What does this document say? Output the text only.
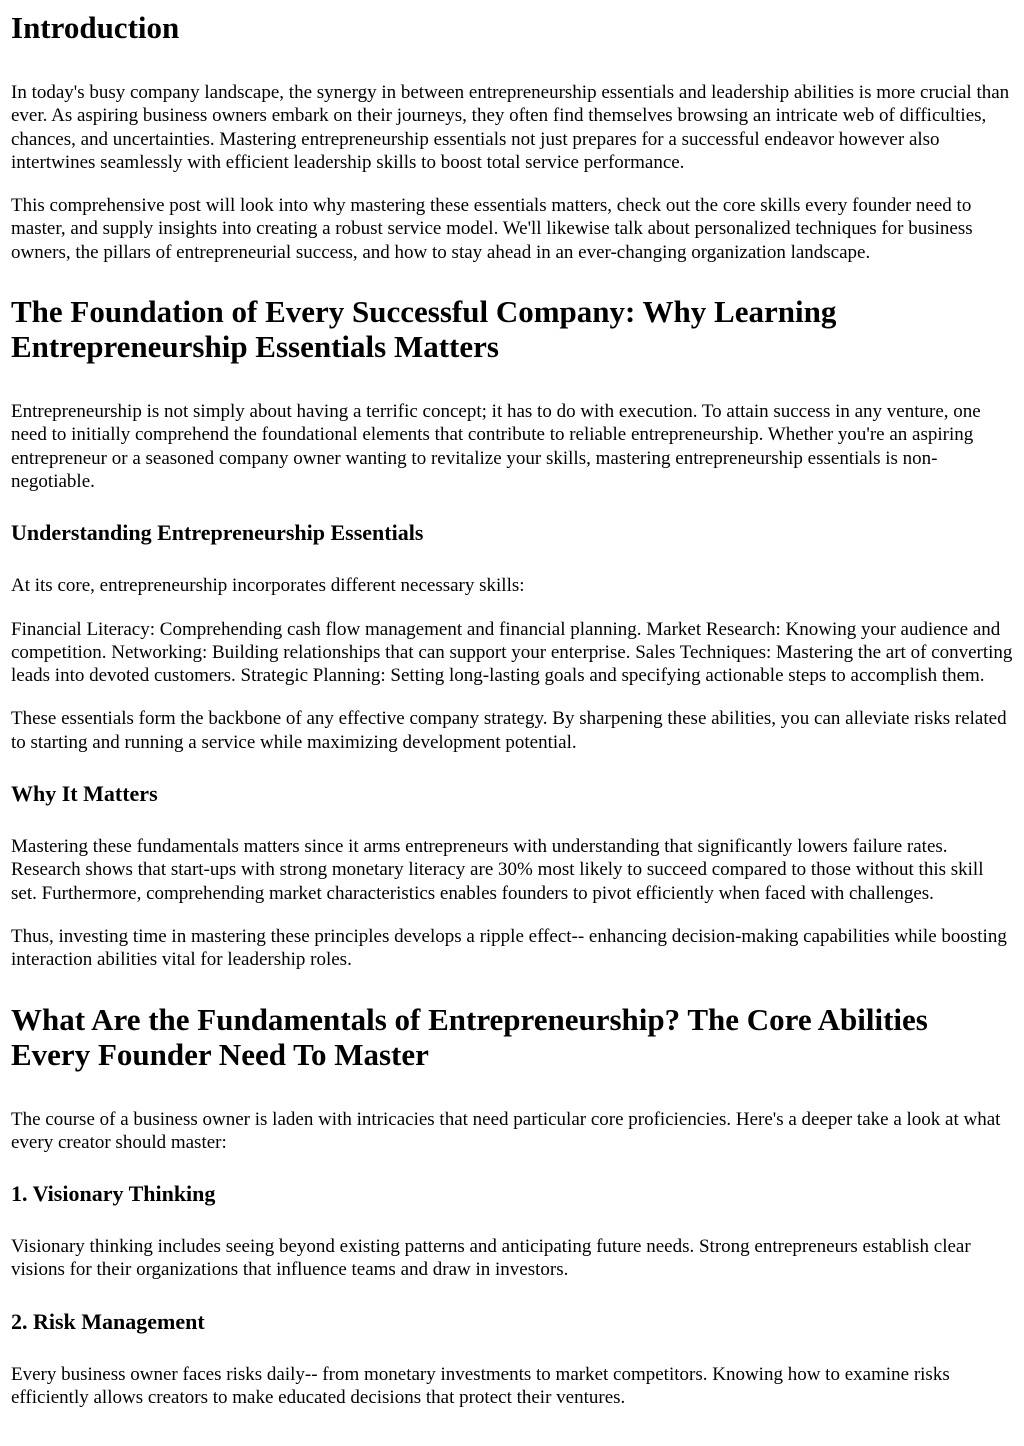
Introduction

In today's busy company landscape, the synergy in between entrepreneurship essentials and leadership abilities is more crucial than ever. As aspiring business owners embark on their journeys, they often find themselves browsing an intricate web of difficulties, chances, and uncertainties. Mastering entrepreneurship essentials not just prepares for a successful endeavor however also intertwines seamlessly with efficient leadership skills to boost total service performance.

This comprehensive post will look into why mastering these essentials matters, check out the core skills every founder need to master, and supply insights into creating a robust service model. We'll likewise talk about personalized techniques for business owners, the pillars of entrepreneurial success, and how to stay ahead in an ever-changing organization landscape.

The Foundation of Every Successful Company: Why Learning Entrepreneurship Essentials Matters

Entrepreneurship is not simply about having a terrific concept; it has to do with execution. To attain success in any venture, one need to initially comprehend the foundational elements that contribute to reliable entrepreneurship. Whether you're an aspiring entrepreneur or a seasoned company owner wanting to revitalize your skills, mastering entrepreneurship essentials is non-negotiable.

Understanding Entrepreneurship Essentials

At its core, entrepreneurship incorporates different necessary skills:

Financial Literacy: Comprehending cash flow management and financial planning. Market Research: Knowing your audience and competition. Networking: Building relationships that can support your enterprise. Sales Techniques: Mastering the art of converting leads into devoted customers. Strategic Planning: Setting long-lasting goals and specifying actionable steps to accomplish them.

These essentials form the backbone of any effective company strategy. By sharpening these abilities, you can alleviate risks related to starting and running a service while maximizing development potential.

Why It Matters

Mastering these fundamentals matters since it arms entrepreneurs with understanding that significantly lowers failure rates. Research shows that start-ups with strong monetary literacy are 30% most likely to succeed compared to those without this skill set. Furthermore, comprehending market characteristics enables founders to pivot efficiently when faced with challenges.

Thus, investing time in mastering these principles develops a ripple effect-- enhancing decision-making capabilities while boosting interaction abilities vital for leadership roles.

What Are the Fundamentals of Entrepreneurship? The Core Abilities Every Founder Need To Master

The course of a business owner is laden with intricacies that need particular core proficiencies. Here's a deeper take a look at what every creator should master:

1. Visionary Thinking

Visionary thinking includes seeing beyond existing patterns and anticipating future needs. Strong entrepreneurs establish clear visions for their organizations that influence teams and draw in investors.

2. Risk Management

Every business owner faces risks daily-- from monetary investments to market competitors. Knowing how to examine risks efficiently allows creators to make educated decisions that protect their ventures.
